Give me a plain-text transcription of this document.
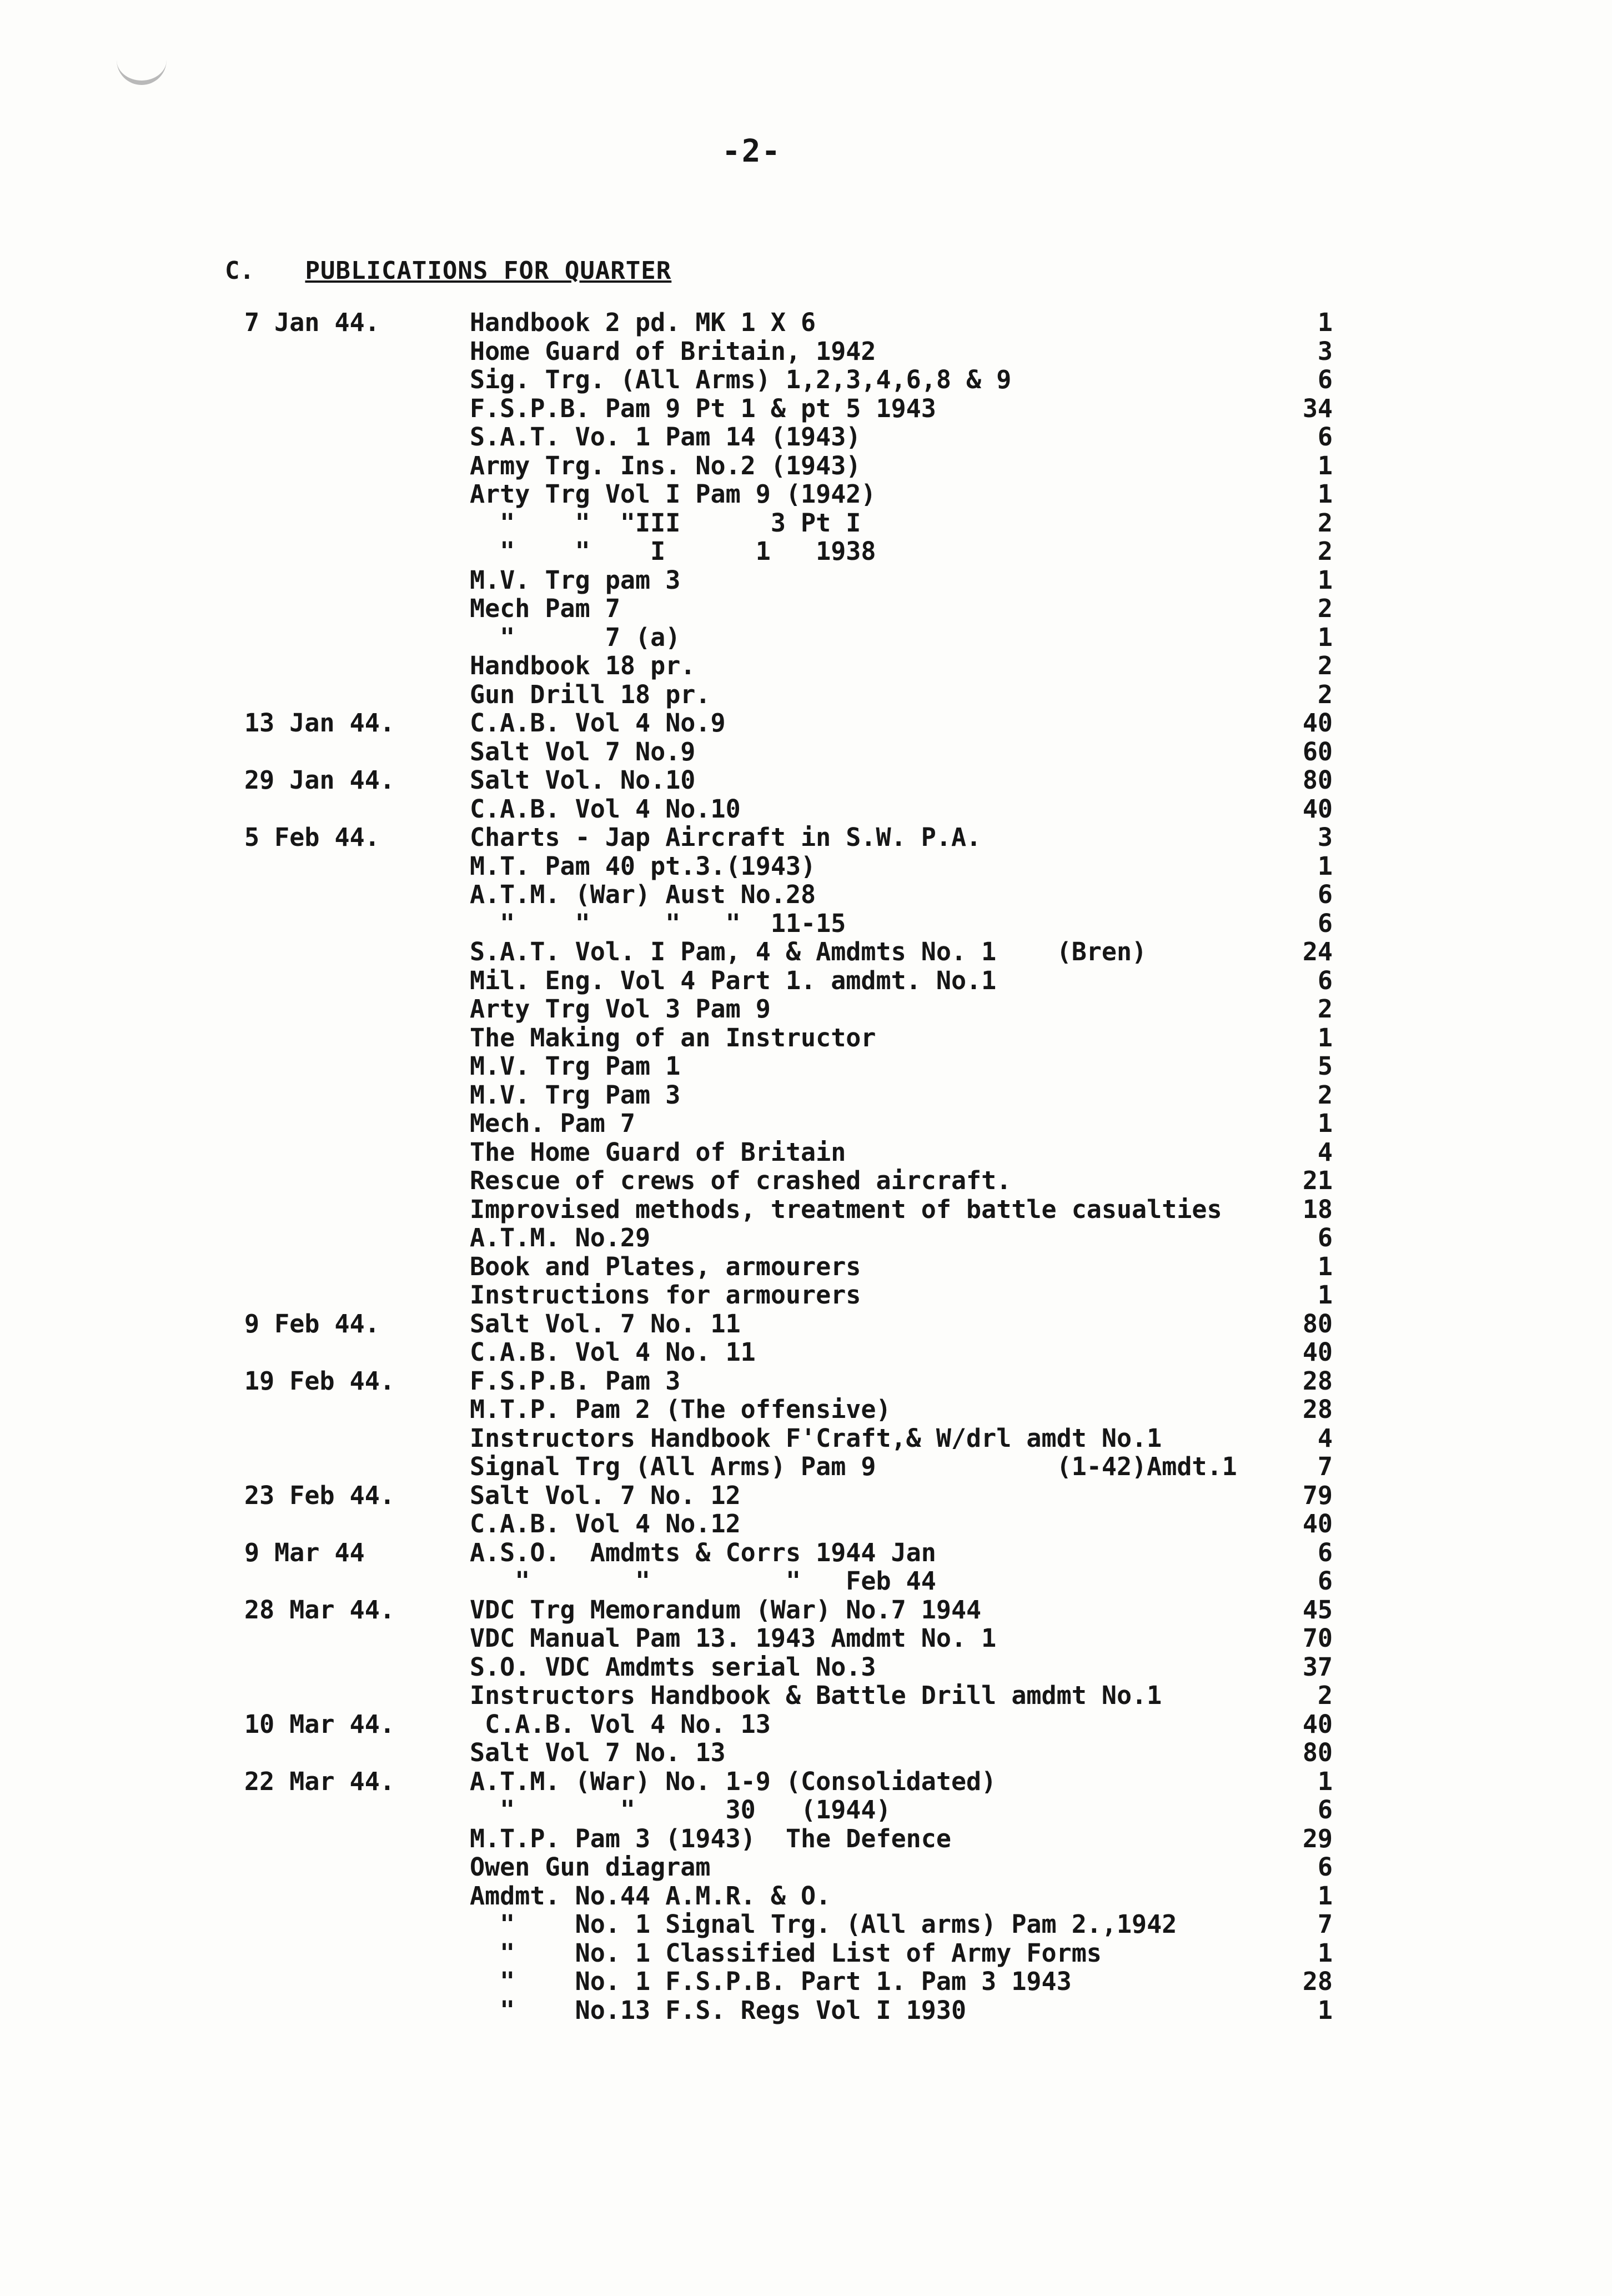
-2-
C. PUBLICATIONS FOR QUARTER
7 Jan 44.	Handbook 2 pd. MK 1 X 6	1
Home Guard of Britain, 1942	3
Sig. Trg. (All Arms) 1,2,3,4,6,8 & 9	6
F.S.P.B. Pam 9 Pt 1 & pt 5 1943	34
S.A.T. Vo. 1 Pam 14 (1943)	6
Army Trg. Ins. No.2 (1943)	1
Arty Trg Vol I Pam 9 (1942)	1
"    "  "III      3 Pt I	2
"    "    I      1   1938	2
M.V. Trg pam 3	1
Mech Pam 7	2
"      7 (a)	1
Handbook 18 pr.	2
Gun Drill 18 pr.	2
13 Jan 44.	C.A.B. Vol 4 No.9	40
Salt Vol 7 No.9	60
29 Jan 44.	Salt Vol. No.10	80
C.A.B. Vol 4 No.10	40
5 Feb 44.	Charts - Jap Aircraft in S.W. P.A.	3
M.T. Pam 40 pt.3.(1943)	1
A.T.M. (War) Aust No.28	6
"    "     "   "  11-15	6
S.A.T. Vol. I Pam, 4 & Amdmts No. 1    (Bren)	24
Mil. Eng. Vol 4 Part 1. amdmt. No.1	6
Arty Trg Vol 3 Pam 9	2
The Making of an Instructor	1
M.V. Trg Pam 1	5
M.V. Trg Pam 3	2
Mech. Pam 7	1
The Home Guard of Britain	4
Rescue of crews of crashed aircraft.	21
Improvised methods, treatment of battle casualties	18
A.T.M. No.29	6
Book and Plates, armourers	1
Instructions for armourers	1
9 Feb 44.	Salt Vol. 7 No. 11	80
C.A.B. Vol 4 No. 11	40
19 Feb 44.	F.S.P.B. Pam 3	28
M.T.P. Pam 2 (The offensive)	28
Instructors Handbook F'Craft,& W/drl amdt No.1	4
Signal Trg (All Arms) Pam 9            (1-42)Amdt.1	7
23 Feb 44.	Salt Vol. 7 No. 12	79
C.A.B. Vol 4 No.12	40
9 Mar 44	A.S.O.  Amdmts & Corrs 1944 Jan	6
"       "         "   Feb 44	6
28 Mar 44.	VDC Trg Memorandum (War) No.7 1944	45
VDC Manual Pam 13. 1943 Amdmt No. 1	70
S.O. VDC Amdmts serial No.3	37
Instructors Handbook & Battle Drill amdmt No.1	2
10 Mar 44.	C.A.B. Vol 4 No. 13	40
Salt Vol 7 No. 13	80
22 Mar 44.	A.T.M. (War) No. 1-9 (Consolidated)	1
"       "      30   (1944)	6
M.T.P. Pam 3 (1943)  The Defence	29
Owen Gun diagram	6
Amdmt. No.44 A.M.R. & O.	1
"    No. 1 Signal Trg. (All arms) Pam 2.,1942	7
"    No. 1 Classified List of Army Forms	1
"    No. 1 F.S.P.B. Part 1. Pam 3 1943	28
"    No.13 F.S. Regs Vol I 1930	1
